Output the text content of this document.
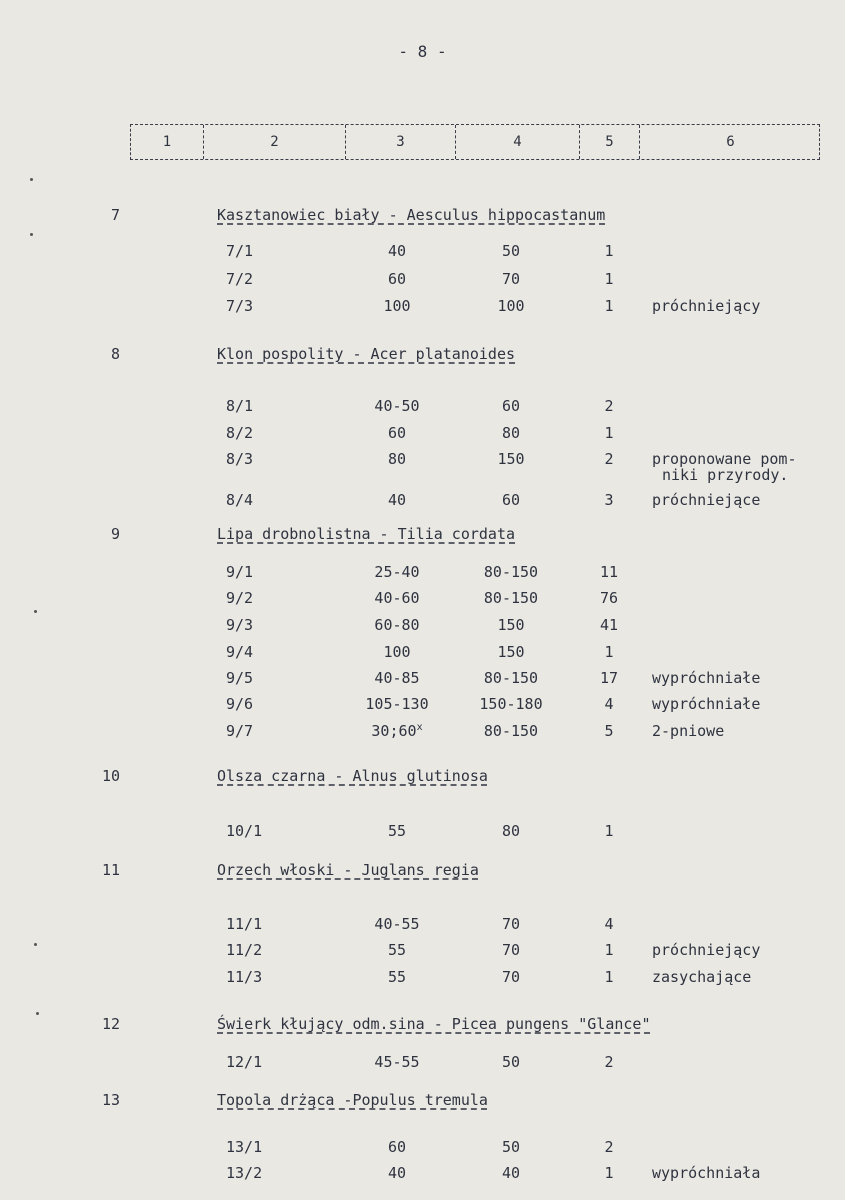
- 8 -
1	2	3	4	5	6
7	Kasztanowiec biały - Aesculus hippocastanum
7/1	40	50	1
7/2	60	70	1
7/3	100	100	1	próchniejący
8	Klon pospolity - Acer platanoides
8/1	40-50	60	2
8/2	60	80	1
8/3	80	150	2	proponowane pom-
niki przyrody.
8/4	40	60	3	próchniejące
9	Lipa drobnolistna - Tilia cordata
9/1	25-40	80-150	11
9/2	40-60	80-150	76
9/3	60-80	150	41
9/4	100	150	1
9/5	40-85	80-150	17	wypróchniałe
9/6	105-130	150-180	4	wypróchniałe
9/7	30;60$^x$	80-150	5	2-pniowe
10	Olsza czarna - Alnus glutinosa
10/1	55	80	1
11	Orzech włoski - Juglans regia
11/1	40-55	70	4
11/2	55	70	1	próchniejący
11/3	55	70	1	zasychające
12	Świerk kłujący odm.sina - Picea pungens "Glance"
12/1	45-55	50	2
13	Topola drżąca -Populus tremula
13/1	60	50	2
13/2	40	40	1	wypróchniała
